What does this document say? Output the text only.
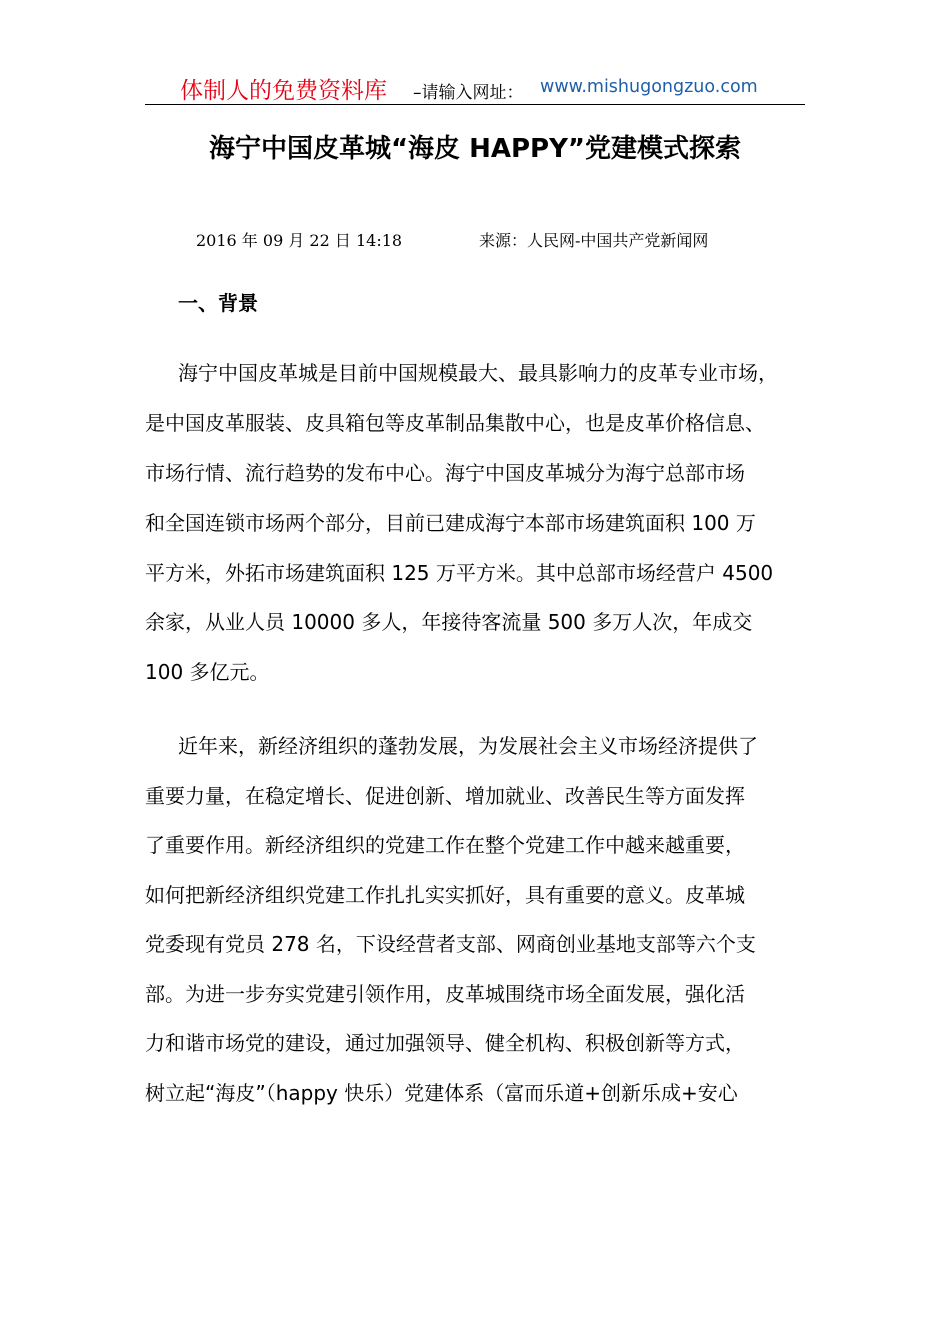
体制人的免费资料库 –请输入网址： www.mishugongzuo.com
海宁中国皮革城“海皮 HAPPY”党建模式探索
2016 年 09 月 22 日 14:18	来源：人民网-中国共产党新闻网
一、背景
海宁中国皮革城是目前中国规模最大、最具影响力的皮革专业市场，
是中国皮革服装、皮具箱包等皮革制品集散中心，也是皮革价格信息、
市场行情、流行趋势的发布中心。海宁中国皮革城分为海宁总部市场
和全国连锁市场两个部分，目前已建成海宁本部市场建筑面积 100 万
平方米，外拓市场建筑面积 125 万平方米。其中总部市场经营户 4500
余家，从业人员 10000 多人，年接待客流量 500 多万人次，年成交
100 多亿元。
近年来，新经济组织的蓬勃发展，为发展社会主义市场经济提供了
重要力量，在稳定增长、促进创新、增加就业、改善民生等方面发挥
了重要作用。新经济组织的党建工作在整个党建工作中越来越重要，
如何把新经济组织党建工作扎扎实实抓好，具有重要的意义。皮革城
党委现有党员 278 名，下设经营者支部、网商创业基地支部等六个支
部。为进一步夯实党建引领作用，皮革城围绕市场全面发展，强化活
力和谐市场党的建设，通过加强领导、健全机构、积极创新等方式，
树立起“海皮”（happy 快乐）党建体系（富而乐道+创新乐成+安心
